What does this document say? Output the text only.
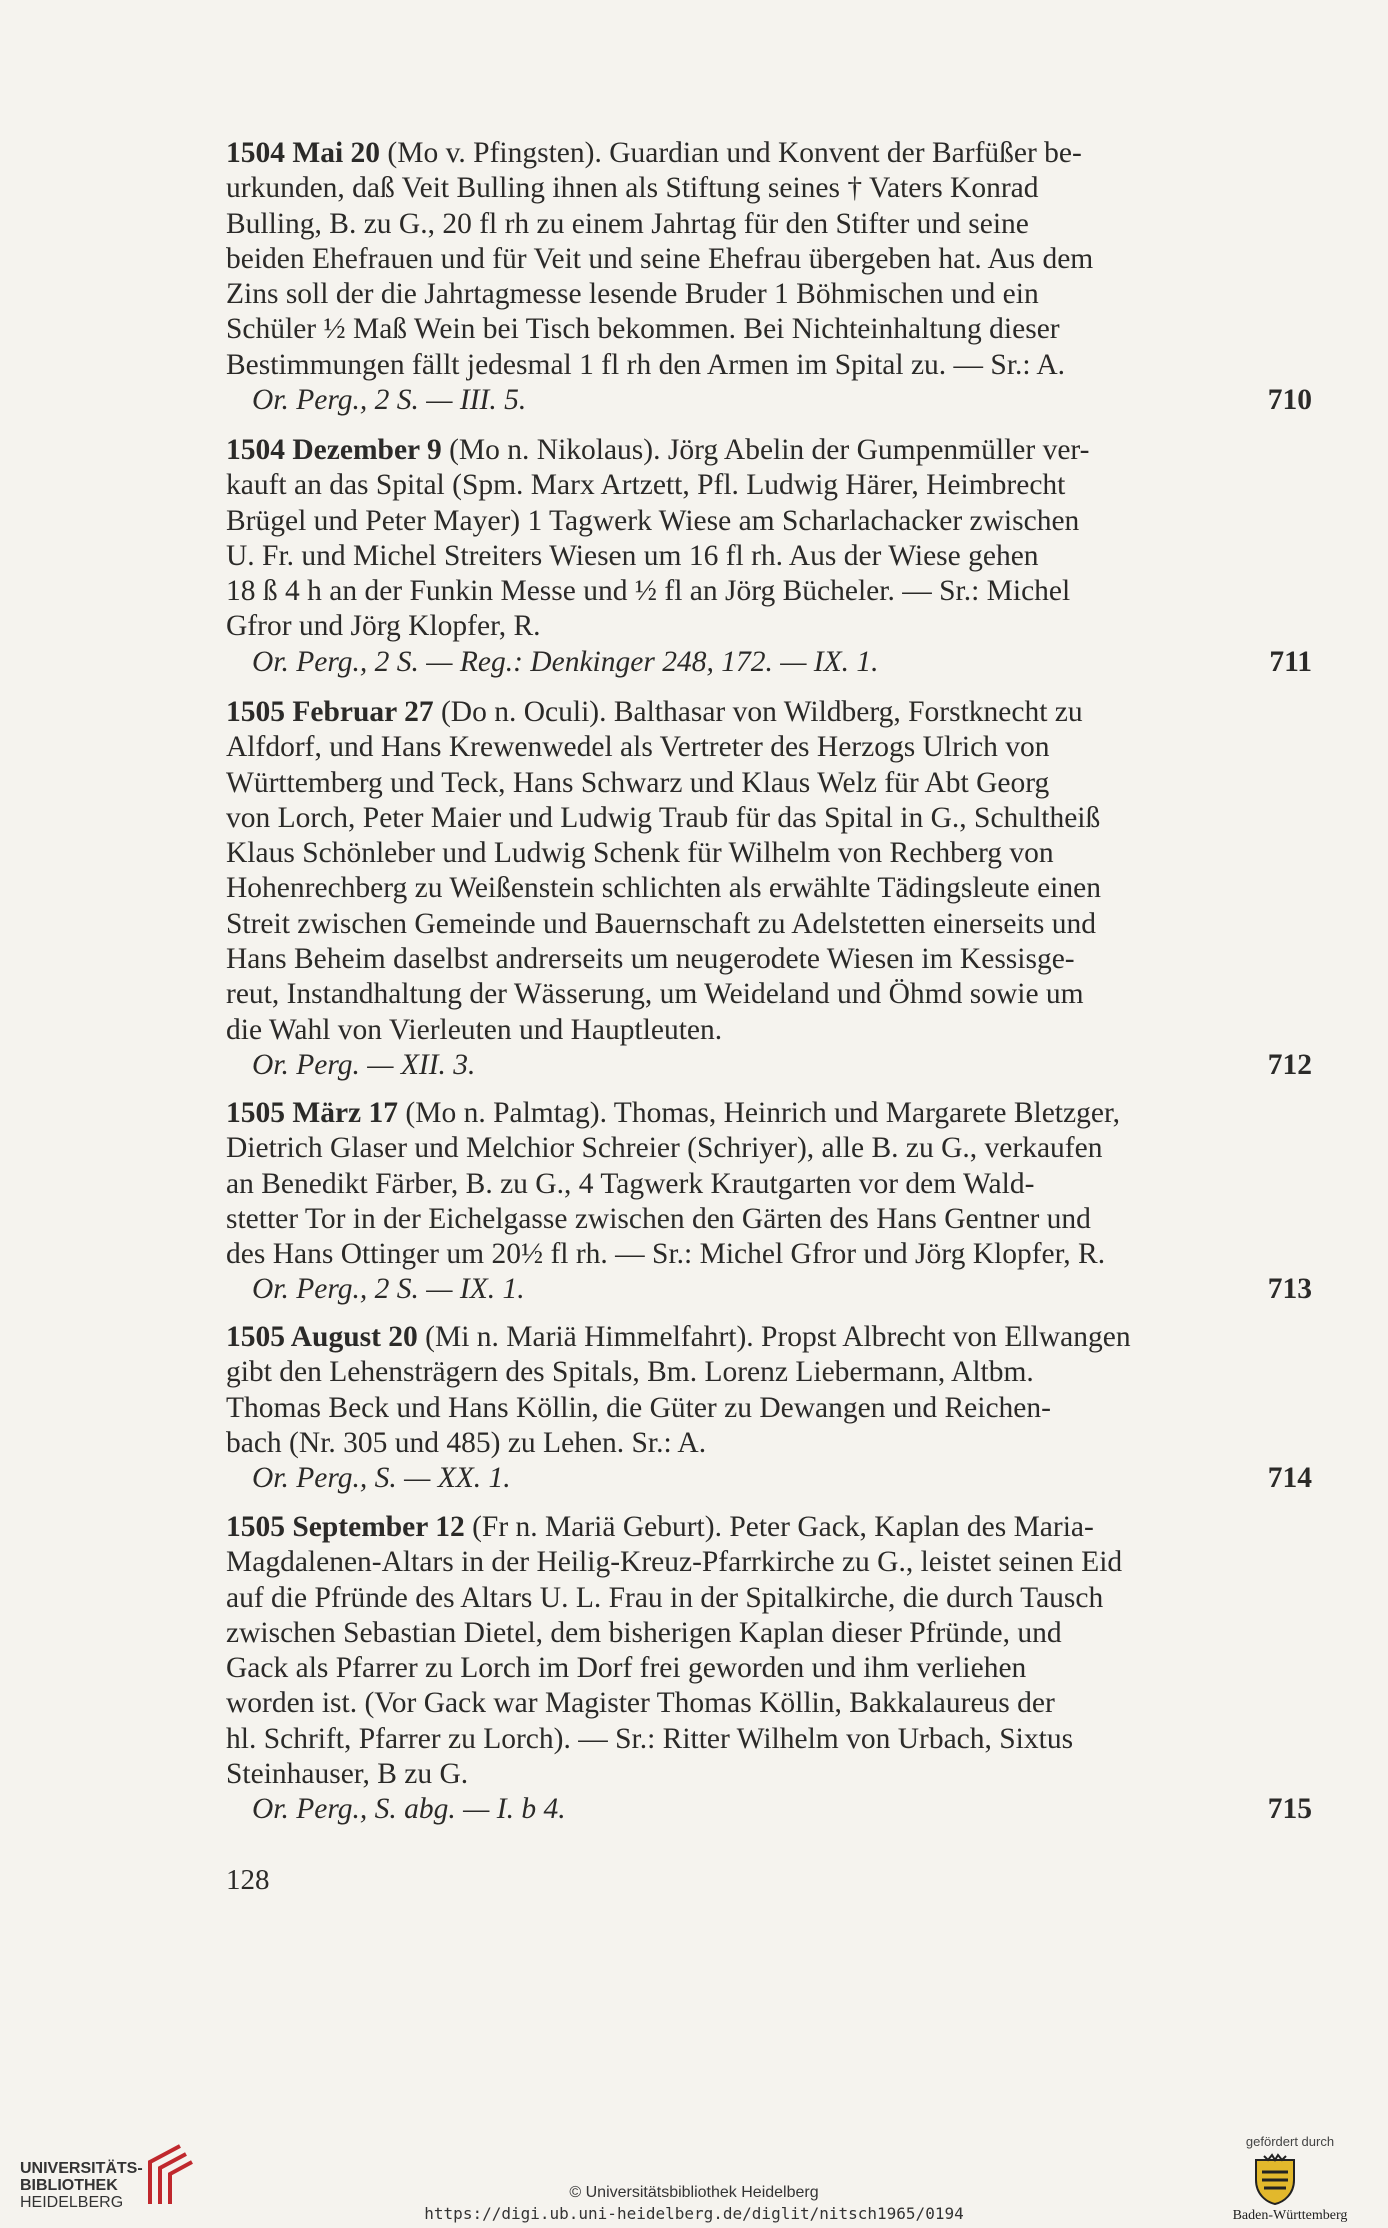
1504 Mai 20 (Mo v. Pfingsten). Guardian und Konvent der Barfüßer be-
urkunden, daß Veit Bulling ihnen als Stiftung seines † Vaters Konrad
Bulling, B. zu G., 20 fl rh zu einem Jahrtag für den Stifter und seine
beiden Ehefrauen und für Veit und seine Ehefrau übergeben hat. Aus dem
Zins soll der die Jahrtagmesse lesende Bruder 1 Böhmischen und ein
Schüler ½ Maß Wein bei Tisch bekommen. Bei Nichteinhaltung dieser
Bestimmungen fällt jedesmal 1 fl rh den Armen im Spital zu. — Sr.: A.
Or. Perg., 2 S. — III. 5.	710
1504 Dezember 9 (Mo n. Nikolaus). Jörg Abelin der Gumpenmüller ver-
kauft an das Spital (Spm. Marx Artzett, Pfl. Ludwig Härer, Heimbrecht
Brügel und Peter Mayer) 1 Tagwerk Wiese am Scharlachacker zwischen
U. Fr. und Michel Streiters Wiesen um 16 fl rh. Aus der Wiese gehen
18 ß 4 h an der Funkin Messe und ½ fl an Jörg Bücheler. — Sr.: Michel
Gfror und Jörg Klopfer, R.
Or. Perg., 2 S. — Reg.: Denkinger 248, 172. — IX. 1.	711
1505 Februar 27 (Do n. Oculi). Balthasar von Wildberg, Forstknecht zu
Alfdorf, und Hans Krewenwedel als Vertreter des Herzogs Ulrich von
Württemberg und Teck, Hans Schwarz und Klaus Welz für Abt Georg
von Lorch, Peter Maier und Ludwig Traub für das Spital in G., Schultheiß
Klaus Schönleber und Ludwig Schenk für Wilhelm von Rechberg von
Hohenrechberg zu Weißenstein schlichten als erwählte Tädingsleute einen
Streit zwischen Gemeinde und Bauernschaft zu Adelstetten einerseits und
Hans Beheim daselbst andrerseits um neugerodete Wiesen im Kessisge-
reut, Instandhaltung der Wässerung, um Weideland und Öhmd sowie um
die Wahl von Vierleuten und Hauptleuten.
Or. Perg. — XII. 3.	712
1505 März 17 (Mo n. Palmtag). Thomas, Heinrich und Margarete Bletzger,
Dietrich Glaser und Melchior Schreier (Schriyer), alle B. zu G., verkaufen
an Benedikt Färber, B. zu G., 4 Tagwerk Krautgarten vor dem Wald-
stetter Tor in der Eichelgasse zwischen den Gärten des Hans Gentner und
des Hans Ottinger um 20½ fl rh. — Sr.: Michel Gfror und Jörg Klopfer, R.
Or. Perg., 2 S. — IX. 1.	713
1505 August 20 (Mi n. Mariä Himmelfahrt). Propst Albrecht von Ellwangen
gibt den Lehensträgern des Spitals, Bm. Lorenz Liebermann, Altbm.
Thomas Beck und Hans Köllin, die Güter zu Dewangen und Reichen-
bach (Nr. 305 und 485) zu Lehen. Sr.: A.
Or. Perg., S. — XX. 1.	714
1505 September 12 (Fr n. Mariä Geburt). Peter Gack, Kaplan des Maria-
Magdalenen-Altars in der Heilig-Kreuz-Pfarrkirche zu G., leistet seinen Eid
auf die Pfründe des Altars U. L. Frau in der Spitalkirche, die durch Tausch
zwischen Sebastian Dietel, dem bisherigen Kaplan dieser Pfründe, und
Gack als Pfarrer zu Lorch im Dorf frei geworden und ihm verliehen
worden ist. (Vor Gack war Magister Thomas Köllin, Bakkalaureus der
hl. Schrift, Pfarrer zu Lorch). — Sr.: Ritter Wilhelm von Urbach, Sixtus
Steinhauser, B zu G.
Or. Perg., S. abg. — I. b 4.	715
128
UNIVERSITÄTS-
BIBLIOTHEK
HEIDELBERG
© Universitätsbibliothek Heidelberg
https://digi.ub.uni-heidelberg.de/diglit/nitsch1965/0194
gefördert durch
Baden-Württemberg
